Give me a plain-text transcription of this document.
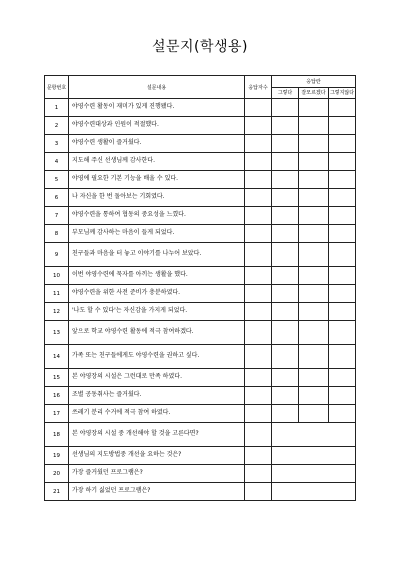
설문지(학생용)
문항번호	설문내용	응답자수	응답란		
			그렇다	잘모르겠다	그렇지않다
1	야영수련 활동이 재미가 있게 진행됐다.				
2	야영수련대상과 인원이 적절했다.				
3	야영수련 생활이 즐거웠다.				
4	지도해 주신 선생님께 감사한다.				
5	야영에 필요한 기본 기능을 배울 수 있다.				
6	나 자신을 한 번 돌아보는 기회였다.				
7	야영수련을 통하여 협동의 중요성을 느꼈다.				
8	부모님께 감사하는 마음이 들게 되었다.				
9	친구들과 마음을 터 놓고 이야기를 나누어 보았다.				
10	이번 야영수련에 묵자를 아끼는 생활을 했다.				
11	야영수련을 위한 사전 준비가 충분하였다.				
12	'나도 할 수 있다'는 자신감을 가지게 되었다.				
13	앞으로 학교 야영수련 활동에 적극 참여하겠다.				
14	가족 또는 친구들에게도 야영수련을 권하고 싶다.				
15	본 야영장의 시설은 그런대로 만족 하였다.				
16	조별 공동취사는 즐거웠다.				
17	쓰레기 분리 수거에 적극 참여 하였다.				
18	본 야영장의 시설 중 개선해야 할 것을 고른다면?				
19	선생님의 지도방법중 개선을 요하는 것은?				
20	가장 즐거웠던 프로그램은?				
21	가장 하기 싫었던 프로그램은?				
